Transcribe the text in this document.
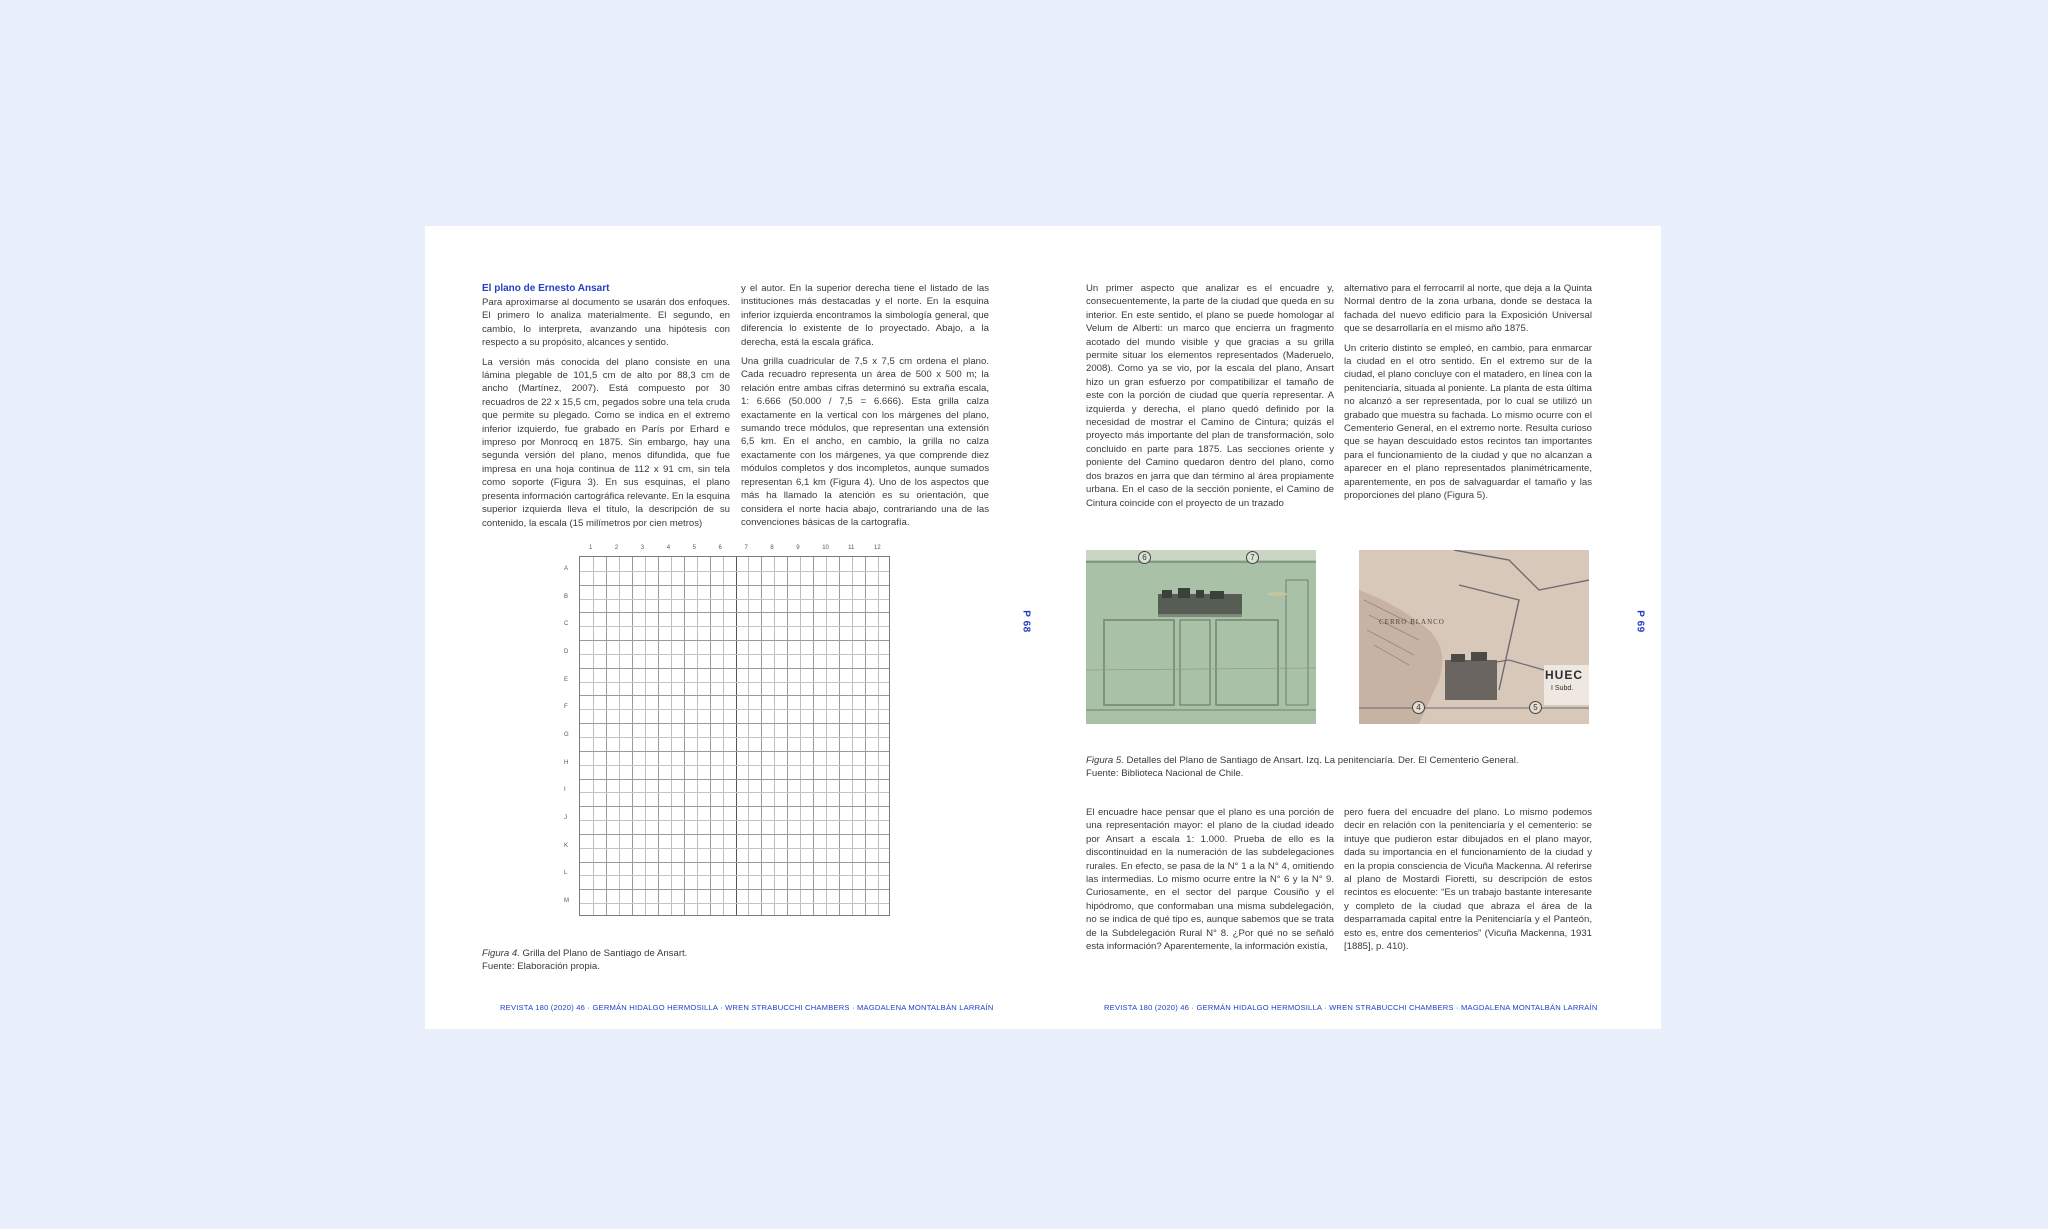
El plano de Ernesto Ansart

Para aproximarse al documento se usarán dos enfoques. El primero lo analiza materialmente. El segundo, en cambio, lo interpreta, avanzando una hipótesis con respecto a su propósito, alcances y sentido.

La versión más conocida del plano consiste en una lámina plegable de 101,5 cm de alto por 88,3 cm de ancho (Martínez, 2007). Está compuesto por 30 recuadros de 22 x 15,5 cm, pegados sobre una tela cruda que permite su plegado. Como se indica en el extremo inferior izquierdo, fue grabado en París por Erhard e impreso por Monrocq en 1875. Sin embargo, hay una segunda versión del plano, menos difundida, que fue impresa en una hoja continua de 112 x 91 cm, sin tela como soporte (Figura 3). En sus esquinas, el plano presenta información cartográfica relevante. En la esquina superior izquierda lleva el título, la descripción de su contenido, la escala (15 milímetros por cien metros)

y el autor. En la superior derecha tiene el listado de las instituciones más destacadas y el norte. En la esquina inferior izquierda encontramos la simbología general, que diferencia lo existente de lo proyectado. Abajo, a la derecha, está la escala gráfica.

Una grilla cuadricular de 7,5 x 7,5 cm ordena el plano. Cada recuadro representa un área de 500 x 500 m; la relación entre ambas cifras determinó su extraña escala, 1: 6.666 (50.000 / 7,5 = 6.666). Esta grilla calza exactamente en la vertical con los márgenes del plano, sumando trece módulos, que representan una extensión 6,5 km. En el ancho, en cambio, la grilla no calza exactamente con los márgenes, ya que comprende diez módulos completos y dos incompletos, aunque sumados representan 6,1 km (Figura 4). Uno de los aspectos que más ha llamado la atención es su orientación, que considera el norte hacia abajo, contrariando una de las convenciones básicas de la cartografía.

1	2	3	4	5	6	7	8	9	10	11	12
A
B
C
D
E
F
G
H
I
J
K
L
M
Figura 4. Grilla del Plano de Santiago de Ansart.
Fuente: Elaboración propia.
P 68
REVISTA 180 (2020) 46 · GERMÁN HIDALGO HERMOSILLA · WREN STRABUCCHI CHAMBERS · MAGDALENA MONTALBÁN LARRAÍN

Un primer aspecto que analizar es el encuadre y, consecuentemente, la parte de la ciudad que queda en su interior. En este sentido, el plano se puede homologar al Velum de Alberti: un marco que encierra un fragmento acotado del mundo visible y que gracias a su grilla permite situar los elementos representados (Maderuelo, 2008). Como ya se vio, por la escala del plano, Ansart hizo un gran esfuerzo por compatibilizar el tamaño de este con la porción de ciudad que quería representar. A izquierda y derecha, el plano quedó definido por la necesidad de mostrar el Camino de Cintura; quizás el proyecto más importante del plan de transformación, solo concluido en parte para 1875. Las secciones oriente y poniente del Camino quedaron dentro del plano, como dos brazos en jarra que dan término al área propiamente urbana. En el caso de la sección poniente, el Camino de Cintura coincide con el proyecto de un trazado

alternativo para el ferrocarril al norte, que deja a la Quinta Normal dentro de la zona urbana, donde se destaca la fachada del nuevo edificio para la Exposición Universal que se desarrollaría en el mismo año 1875.

Un criterio distinto se empleó, en cambio, para enmarcar la ciudad en el otro sentido. En el extremo sur de la ciudad, el plano concluye con el matadero, en línea con la penitenciaría, situada al poniente. La planta de esta última no alcanzó a ser representada, por lo cual se utilizó un grabado que muestra su fachada. Lo mismo ocurre con el Cementerio General, en el extremo norte. Resulta curioso que se hayan descuidado estos recintos tan importantes para el funcionamiento de la ciudad y que no alcanzan a aparecer en el plano representados planimétricamente, aparentemente, en pos de salvaguardar el tamaño y las proporciones del plano (Figura 5).

6	7
CERRO BLANCO
HUEC
I Subd.
4	5
Figura 5. Detalles del Plano de Santiago de Ansart. Izq. La penitenciaría. Der. El Cementerio General.
Fuente: Biblioteca Nacional de Chile.

El encuadre hace pensar que el plano es una porción de una representación mayor: el plano de la ciudad ideado por Ansart a escala 1: 1.000. Prueba de ello es la discontinuidad en la numeración de las subdelegaciones rurales. En efecto, se pasa de la N° 1 a la N° 4, omitiendo las intermedias. Lo mismo ocurre entre la N° 6 y la N° 9. Curiosamente, en el sector del parque Cousiño y el hipódromo, que conformaban una misma subdelegación, no se indica de qué tipo es, aunque sabemos que se trata de la Subdelegación Rural N° 8. ¿Por qué no se señaló esta información? Aparentemente, la información existía,

pero fuera del encuadre del plano. Lo mismo podemos decir en relación con la penitenciaría y el cementerio: se intuye que pudieron estar dibujados en el plano mayor, dada su importancia en el funcionamiento de la ciudad y en la propia consciencia de Vicuña Mackenna. Al referirse al plano de Mostardi Fioretti, su descripción de estos recintos es elocuente: “Es un trabajo bastante interesante y completo de la ciudad que abraza el área de la desparramada capital entre la Penitenciaría y el Panteón, esto es, entre dos cementerios” (Vicuña Mackenna, 1931 [1885], p. 410).

P 69
REVISTA 180 (2020) 46 · GERMÁN HIDALGO HERMOSILLA · WREN STRABUCCHI CHAMBERS · MAGDALENA MONTALBÁN LARRAÍN
